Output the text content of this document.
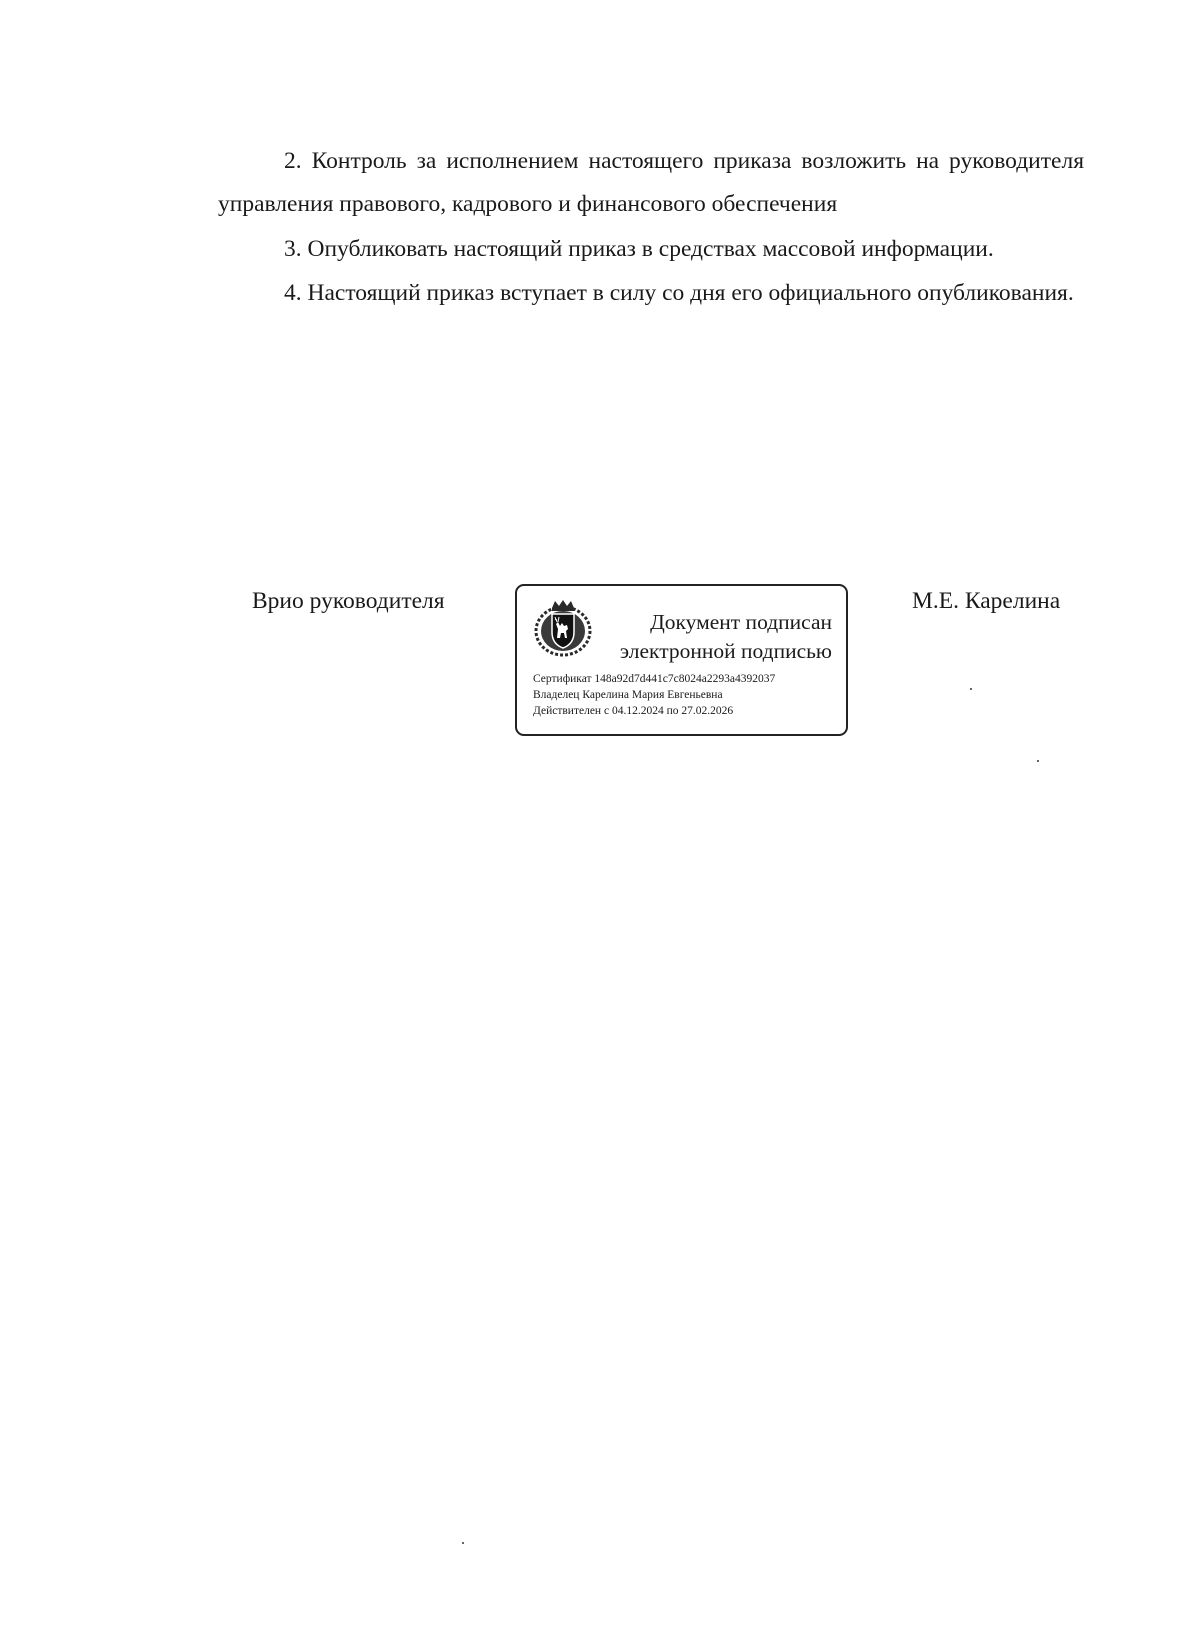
2. Контроль за исполнением настоящего приказа возложить на руководителя управления правового, кадрового и финансового обеспечения

3. Опубликовать настоящий приказ в средствах массовой информации.

4. Настоящий приказ вступает в силу со дня его официального опубликования.

Врио руководителя
Документ подписан
электронной подписью
Сертификат 148a92d7d441c7c8024a2293a4392037
Владелец Карелина Мария Евгеньевна
Действителен с 04.12.2024 по 27.02.2026
М.Е. Карелина
